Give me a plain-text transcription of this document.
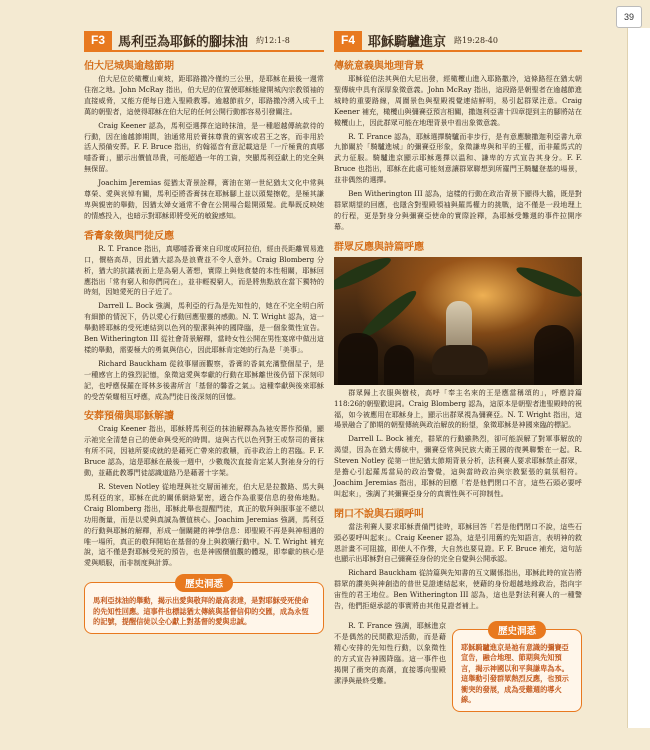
39
F3	馬利亞為耶穌的腳抹油 約12:1-8
伯大尼城與逾越節期

伯大尼位於橄欖山東坡，距耶路撒冷僅約三公里，是耶穌在最後一週常住宿之地。John McRay 指出，伯大尼的位置使耶穌能避開城內宗教領袖的直接威脅，又能方便每日進入聖殿教導。逾越節前夕，耶路撒冷湧入成千上萬的朝聖者，這使得耶穌在伯大尼的任何公開行動都容易引發關注。

Craig Keener 認為，馬利亞選擇在這時抹油，是一種超越傳統款待的行動，因在逾越節期間，油通常用於膏抹尊貴的賓客或君王之客，而非用於活人預備安葬。F. F. Bruce 指出，約翰福音有意記載這是「一斤極貴的真哪噠香膏」，顯示出價值昂貴，可能超過一年的工資，突顯馬利亞獻上的完全與無保留。

Joachim Jeremias 從猶太背景詮釋，膏油在第一世紀猶太文化中常與尊榮、愛與哀悼有關，馬利亞將香膏抹在耶穌腳上並以頭髮擦乾，是極其謙卑與親密的舉動，因猶太婦女通常不會在公開場合鬆開頭髮。此舉既反映她的情感投入，也暗示對耶穌即將受死的敏銳感知。

香膏象徵與門徒反應

R. T. France 指出，真哪噠香膏來自印度或阿拉伯，經由長距離貿易進口，價格高昂，因此猶大認為是浪費並不令人意外。Craig Blomberg 分析，猶大的抗議表面上是為窮人著想，實際上與他貪婪的本性相關，耶穌回應指出「常有窮人和你們同在」，並非輕視窮人，而是將焦點放在當下獨特的時刻，因她愛死的日子近了。

Darrell L. Bock 強調，馬利亞的行為是先知性的，她在不完全明白所有細節的情況下，仍以愛心行動回應聖靈的感動。N. T. Wright 認為，這一舉動將耶穌的受死連結到以色列的聖潔與神的國降臨，是一個象徵性宣告。Ben Witherington III 從社會背景解釋，當時女性公開在男性宴席中做出這樣的舉動，需要極大的勇氣與信心，因此耶穌肯定她的行為是「美事」。

Richard Bauckham 從敘事層面觀察，香膏的香氣充滿整個屋子，是一種感官上的強烈記憶，象徵這愛與奉獻的行動在耶穌離世後仍留下深刻印記，也呼應保羅在哥林多後書所言「基督的馨香之氣」。這種奉獻與後來耶穌的受苦榮耀相互呼應，成為門徒日後深刻的回憶。

安葬預備與耶穌解讀

Craig Keener 指出，耶穌將馬利亞的抹油解釋為為祂安葬作預備，顯示祂完全清楚自己的使命與受死的時間。這與古代以色列對王或祭司的膏抹有所不同，因祂所要成就的是藉死亡帶來的救贖，而非政治上的君臨。F. F. Bruce 認為，這是耶穌在最後一週中，少數幾次直接肯定某人對祂身分的行動，並藉此教導門徒認識道路乃是藉著十字架。

R. Steven Notley 從地理與社交層面補充，伯大尼是拉撒路、馬大與馬利亞的家，耶穌在此的關係網絡緊密，適合作為重要信息的發佈地點。Craig Blomberg 指出，耶穌此舉也提醒門徒，真正的敬拜與服事並不總以功用衡量，而是以愛與真誠為價值核心。Joachim Jeremias 強調，馬利亞的行動與耶穌的解釋，形成一個關鍵的神學信息：即聖殿不再是與神相遇的唯一場所，真正的敬拜開始在基督的身上與救贖行動中。N. T. Wright 補充說，這不僅是對耶穌受死的預告，也是神國價值觀的體現，即奉獻的核心是愛與順服，而非制度與計算。

歷史洞悉
馬利亞抹油的舉動，揭示出愛與敬拜的最高表達，是對耶穌受死使命的先知性回應。這事件也標誌猶太傳統與基督信仰的交匯，成為永恆的記號，提醒信徒以全心獻上對基督的愛與忠誠。
F4	耶穌騎驢進京 路19:28-40
傳統意義與地理背景

耶穌從伯法其與伯大尼出發，經橄欖山進入耶路撒冷，這條路徑在猶太朝聖傳統中具有深厚象徵意義。John McRay 指出，這段路是朝聖者在逾越節進城時的重要路線，周圍景色與聖殿視覺連結鮮明，易引起群眾注意。Craig Keener 補充，橄欖山與彌賽亞預言相關，撒迦利亞書十四章提到主的腳將站在橄欖山上，因此群眾可能在地理背景中看出象徵意義。

R. T. France 認為，耶穌選擇騎驢而非步行，是有意應驗撒迦利亞書九章九節關於「騎驢進城」的彌賽亞形象，象徵謙卑與和平的王權，而非羅馬式的武力征服。騎驢進京顯示耶穌選擇以温和、謙卑的方式宣告其身分。F. F. Bruce 也指出，耶穌在此處可能刻意讓群眾聯想到所羅門王騎驢登基的場景，並非偶然的選擇。

Ben Witherington III 認為，這樣的行動在政治背景下顯得大膽，既是對群眾期望的回應，也隱含對聖殿領袖與羅馬權力的挑戰，這不僅是一段地理上的行程，更是對身分與彌賽亞使命的實際詮釋，為耶穌受難週的事件拉開序幕。

群眾反應與詩篇呼應

群眾歸上衣服與樹枝，高呼「奉主名來的王是應當稱頌的」，呼應詩篇118:26的朝聖歡迎詞。Craig Blomberg 認為，這原本是朝聖者進聖殿時的祝福，如今被應用在耶穌身上，顯示出群眾視為彌賽亞。N. T. Wright 指出，這場景融合了節期的朝聖傳統與政治解放的盼望，象徵耶穌是神國來臨的標記。

Darrell L. Bock 補充，群眾的行動雖熱烈，卻可能誤解了對軍事解放的渴望，因為在猶太傳統中，彌賽亞常與民族大衛王國的復興聯繫在一起。R. Steven Notley 從第一世紀猶太節期背景分析，法利賽人要求耶穌禁止群眾，是擔心引起羅馬當局的政治警覺，這與當時政治與宗教緊張的氣氛相符。Joachim Jeremias 指出，耶穌的回應「若是他們閉口不言，這些石頭必要呼叫起來」，強調了其彌賽亞身分的真實性與不可抑制性。

閉口不說與石頭呼叫

當法利賽人要求耶穌責備門徒時，耶穌回答「若是他們閉口不說，這些石頭必要呼叫起來」。Craig Keener 認為，這是引用舊約先知語言，表明神的救恩計畫不可阻擋，即使人不作聲，大自然也要見證。F. F. Bruce 補充，這句話也顯示出耶穌對自己彌賽亞身份的完全自覺與公開承認。

Richard Bauckham 從詩篇與先知書的互文關係指出，耶穌此時的宣告將群眾的讚美與神創造的普世見證連結起來，使藉的身份超越地緣政治，指向宇宙性的君王地位。Ben Witherington III 認為，這也是對法利賽人的一種警告，他們拒絕承認的事實將由其他見證者補上。

R. T. France 強調，耶穌進京不是偶然的民間歡迎活動，而是藉精心安排的先知性行動，以象徵性的方式宣告神國降臨。這一事件也揭開了衝突的高潮，直接導向聖殿潔淨與最終受難。

歷史洞悉
耶穌騎驢進京是祂有意識的彌賽亞宣告，融合地理、節期與先知預言，揭示神國以和平與謙卑為本。這舉動引發群眾熱烈反應，也預示衝突的發展，成為受難週的導火線。
